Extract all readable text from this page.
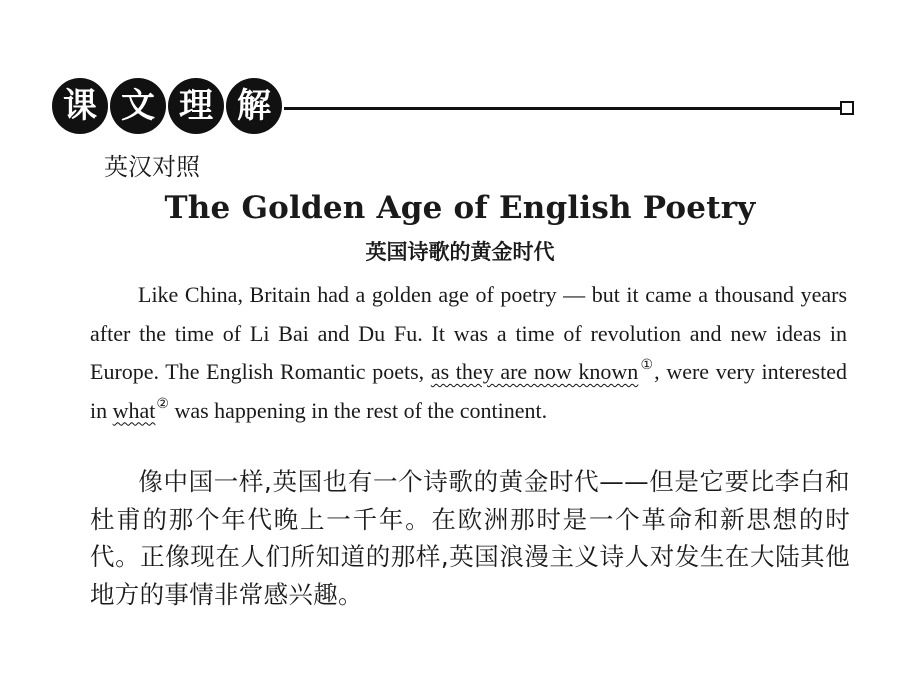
课 文 理 解
英汉对照
The Golden Age of English Poetry
英国诗歌的黄金时代
Like China, Britain had a golden age of poetry — but it came a thousand years after the time of Li Bai and Du Fu. It was a time of revolution and new ideas in Europe. The English Romantic poets, as they are now known①, were very interested in what② was happening in the rest of the continent.
像中国一样,英国也有一个诗歌的黄金时代——但是它要比李白和杜甫的那个年代晚上一千年。在欧洲那时是一个革命和新思想的时代。正像现在人们所知道的那样,英国浪漫主义诗人对发生在大陆其他地方的事情非常感兴趣。
